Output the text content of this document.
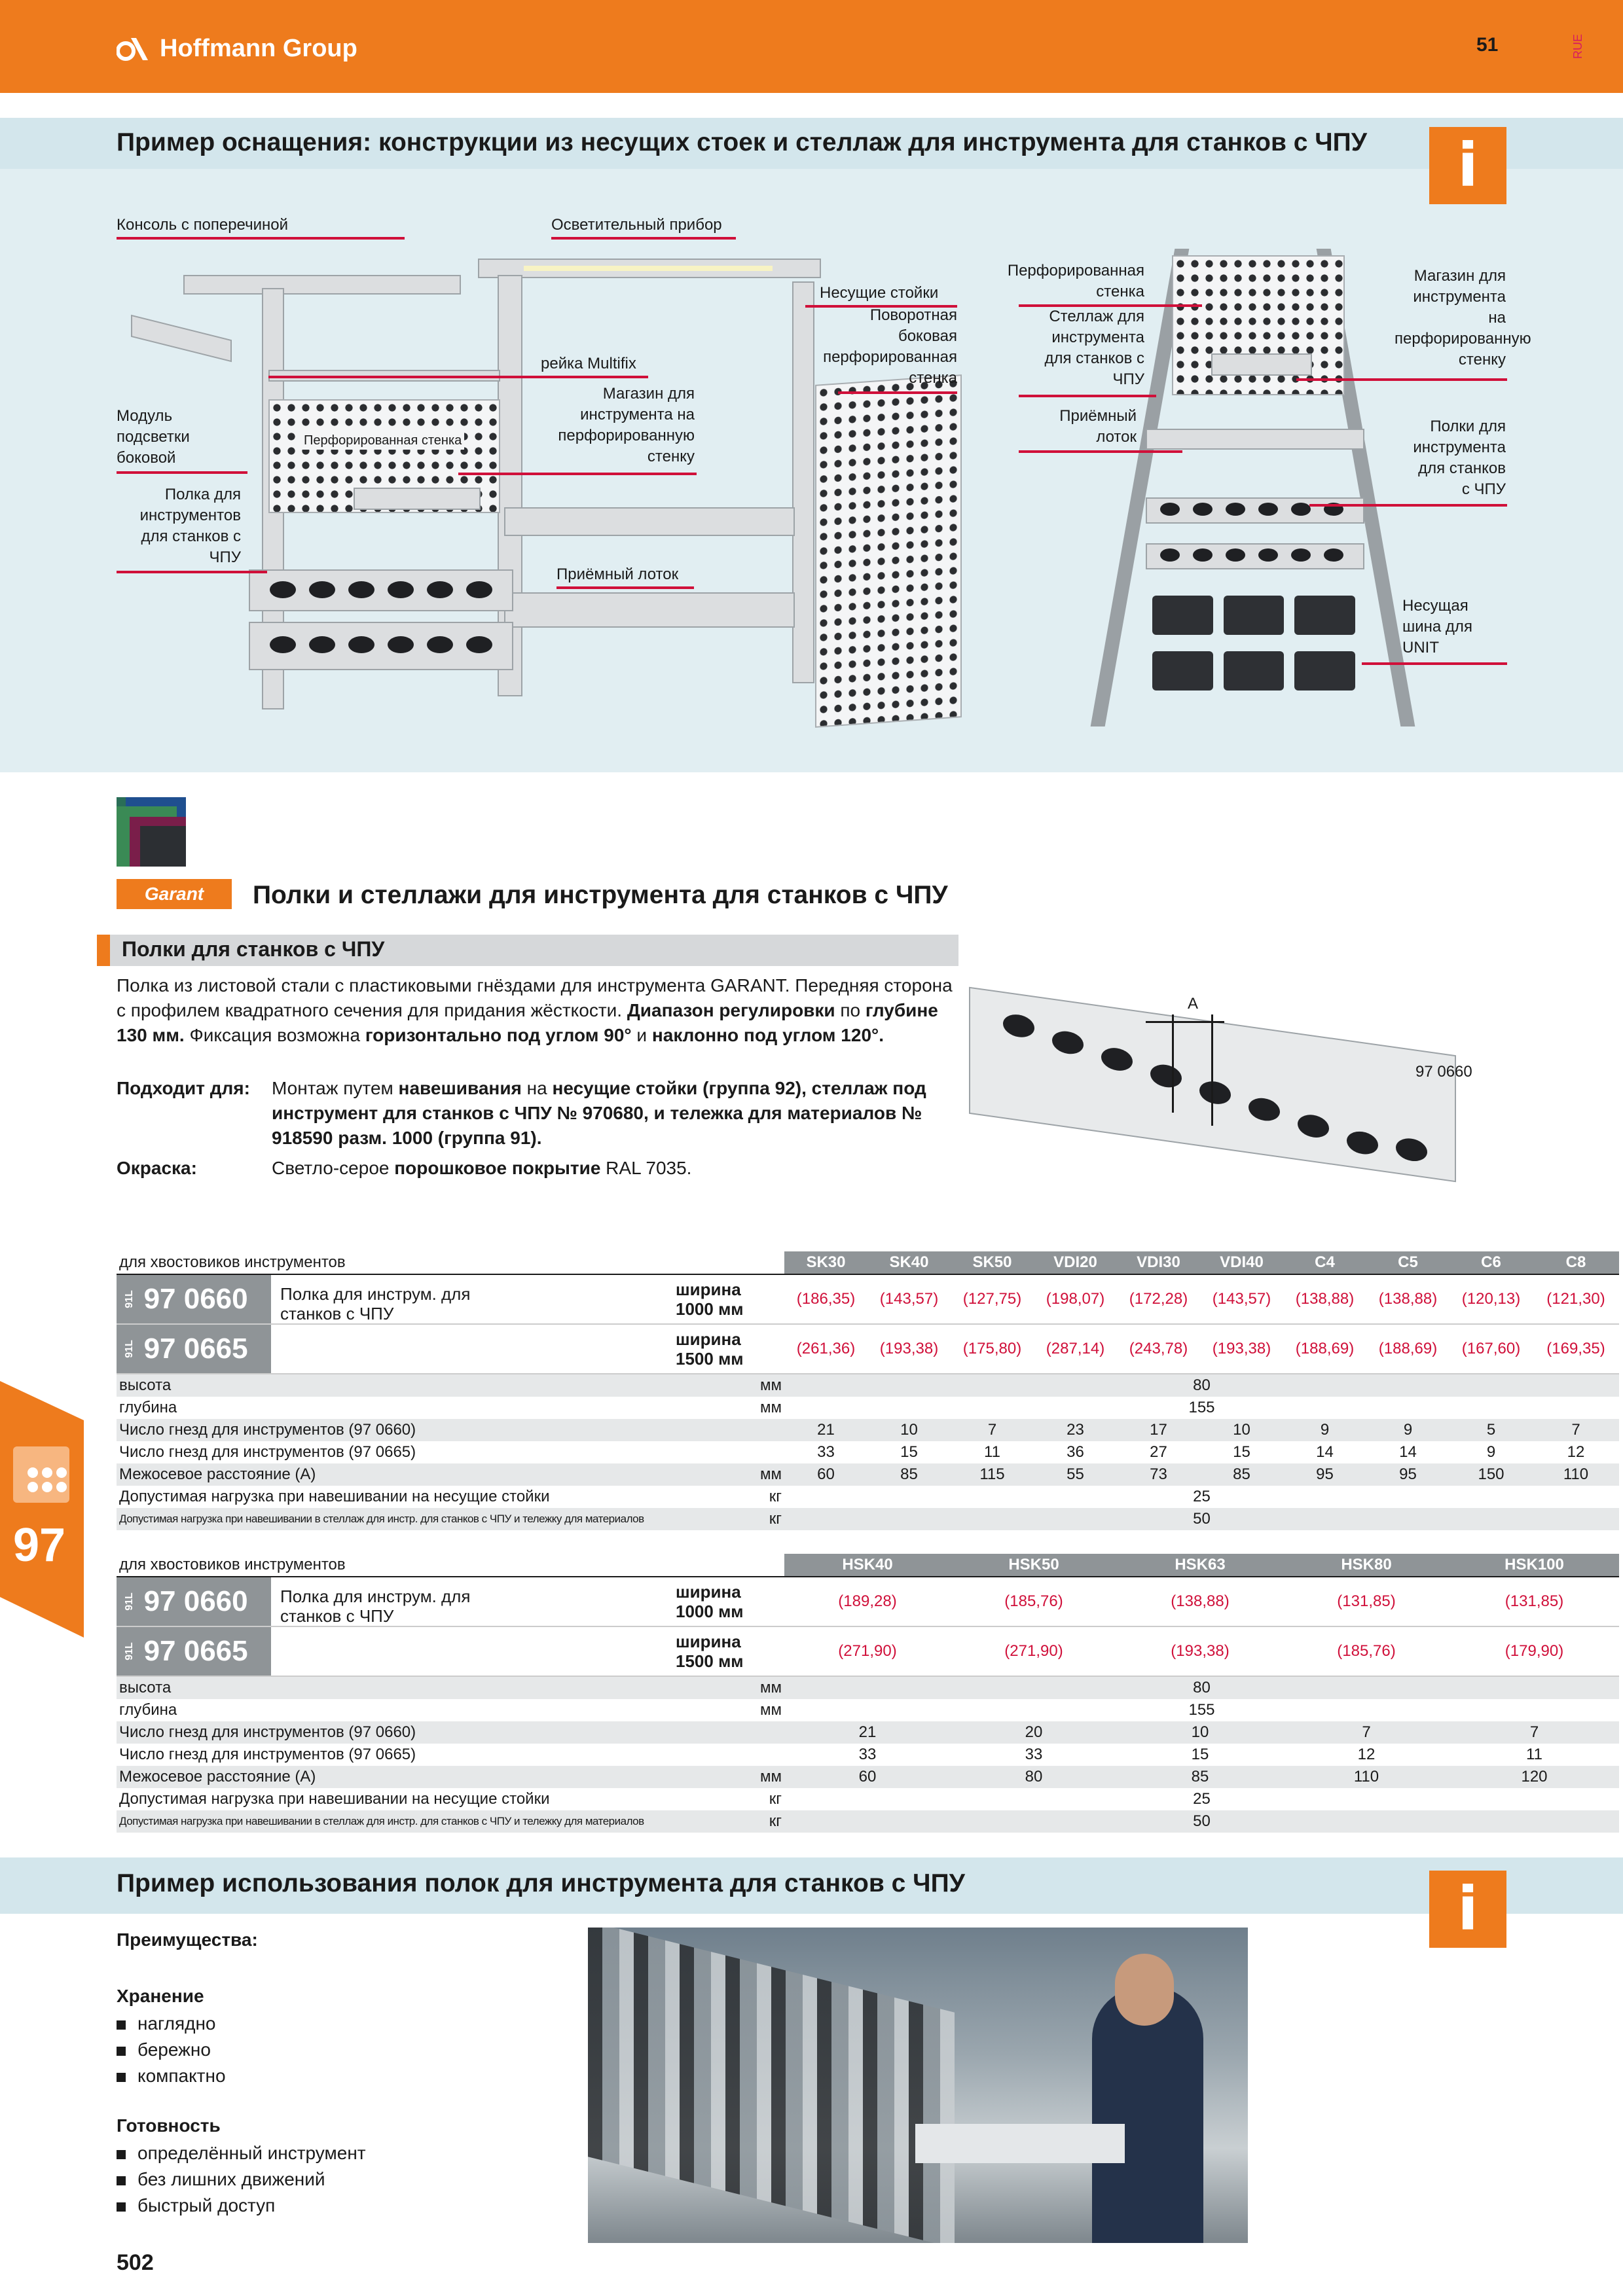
Hoffmann Group	51	RUE
Пример оснащения: конструкции из несущих стоек и стеллаж для инструмента для станков с ЧПУ	i
Перфорированная стенка
Консоль с поперечиной	Осветительный прибор
рейка Multifix
Модуль подсветки боковой
Полка для инструментов для станков с ЧПУ
Магазин для инструмента на перфорированную стенку
Приёмный лоток
Несущие стойки
Поворотная боковая перфорированная стенка
Перфорированная стенка
Стеллаж для инструмента для станков с ЧПУ
Приёмный лоток
Магазин для инструмента на перфорированную стенку
Полки для инструмента для станков с ЧПУ
Несущая шина для UNIT
Garant	Полки и стеллажи для инструмента для станков с ЧПУ
Полки для станков с ЧПУ
Полка из листовой стали с пластиковыми гнёздами для инструмента GARANT. Передняя сторона с профилем квадратного сечения для придания жёсткости. Диапазон регулировки по глубине 130 мм. Фиксация возможна горизонтально под углом 90° и наклонно под углом 120°.
Подходит для: Монтаж путем навешивания на несущие стойки (группа 92), стеллаж под инструмент для станков с ЧПУ № 970680, и тележка для материалов № 918590 разм. 1000 (группа 91).
Окраска:	Светло-серое порошковое покрытие RAL 7035.
A
97 0660
для хвостовиков инструментов		SK30	SK40	SK50	VDI20	VDI30	VDI40	C4	C5	C6	C8

91L 97 0660 Полка для инструм. для станков с ЧПУ	ширина 1000 мм	(186,35)	(143,57)	(127,75)	(198,07)	(172,28)	(143,57)	(138,88)	(138,88)	(120,13)	(121,30)

91L 97 0665	ширина 1500 мм	(261,36)	(193,38)	(175,80)	(287,14)	(243,78)	(193,38)	(188,69)	(188,69)	(167,60)	(169,35)
высота	мм	80									
глубина	мм	155									
Число гнезд для инструментов (97 0660)		21	10	7	23	17	10	9	9	5	7
Число гнезд для инструментов (97 0665)		33	15	11	36	27	15	14	14	9	12
Межосевое расстояние (A)	мм	60	85	115	55	73	85	95	95	150	110
Допустимая нагрузка при навешивании на несущие стойки	кг	25									
Допустимая нагрузка при навешивании в стеллаж для инстр. для станков с ЧПУ и тележку для материалов	кг	50									
для хвостовиков инструментов		HSK40	HSK50	HSK63	HSK80	HSK100

91L 97 0660 Полка для инструм. для станков с ЧПУ	ширина 1000 мм	(189,28)	(185,76)	(138,88)	(131,85)	(131,85)

91L 97 0665	ширина 1500 мм	(271,90)	(271,90)	(193,38)	(185,76)	(179,90)
высота	мм	80				
глубина	мм	155				
Число гнезд для инструментов (97 0660)		21	20	10	7	7
Число гнезд для инструментов (97 0665)		33	33	15	12	11
Межосевое расстояние (A)	мм	60	80	85	110	120
Допустимая нагрузка при навешивании на несущие стойки	кг	25				
Допустимая нагрузка при навешивании в стеллаж для инстр. для станков с ЧПУ и тележку для материалов	кг	50				
97
Пример использования полок для инструмента для станков с ЧПУ	i
Преимущества:
Хранение
наглядно
бережно
компактно
Готовность
определённый инструмент
без лишних движений
быстрый доступ
502
